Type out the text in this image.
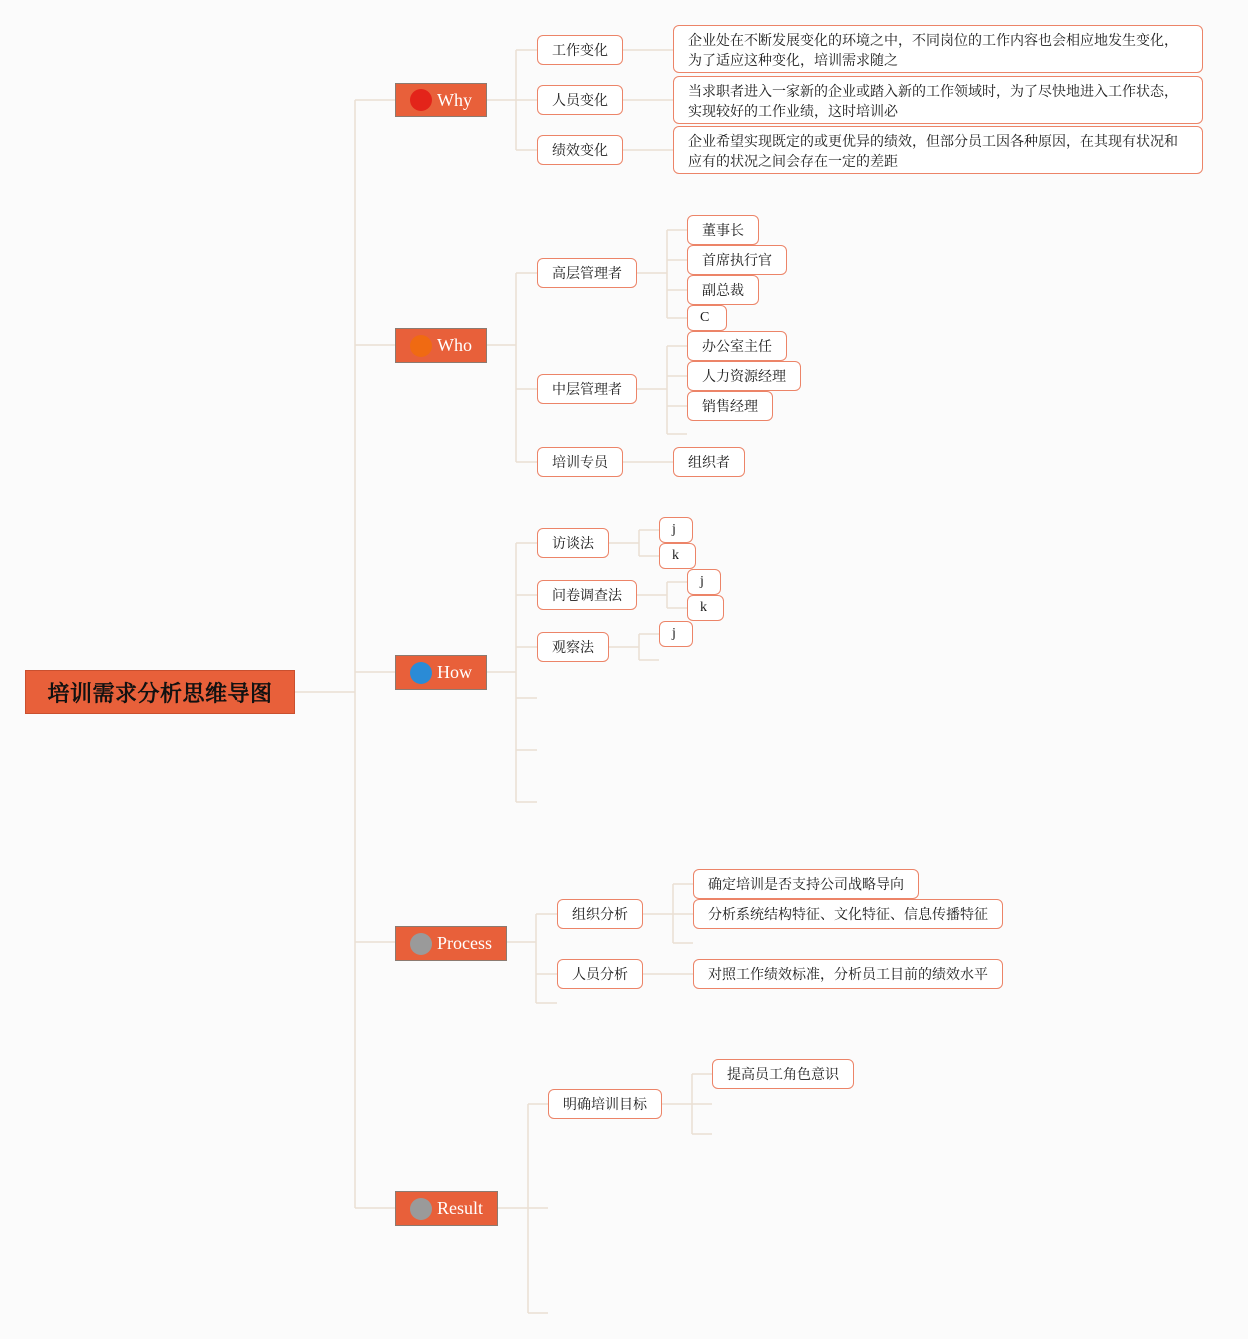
培训需求分析思维导图
Why
Who
How
Process
Result
工作变化
人员变化
绩效变化
企业处在不断发展变化的环境之中，不同岗位的工作内容也会相应地发生变化，
为了适应这种变化，培训需求随之
当求职者进入一家新的企业或踏入新的工作领域时，为了尽快地进入工作状态，
实现较好的工作业绩，这时培训必
企业希望实现既定的或更优异的绩效，但部分员工因各种原因，在其现有状况和
应有的状况之间会存在一定的差距
高层管理者
中层管理者
培训专员
董事长
首席执行官
副总裁
C
办公室主任
人力资源经理
销售经理
组织者
访谈法
问卷调查法
观察法
j
k
j
k
j
组织分析
人员分析
确定培训是否支持公司战略导向
分析系统结构特征、文化特征、信息传播特征
对照工作绩效标准，分析员工目前的绩效水平
明确培训目标
提高员工角色意识
